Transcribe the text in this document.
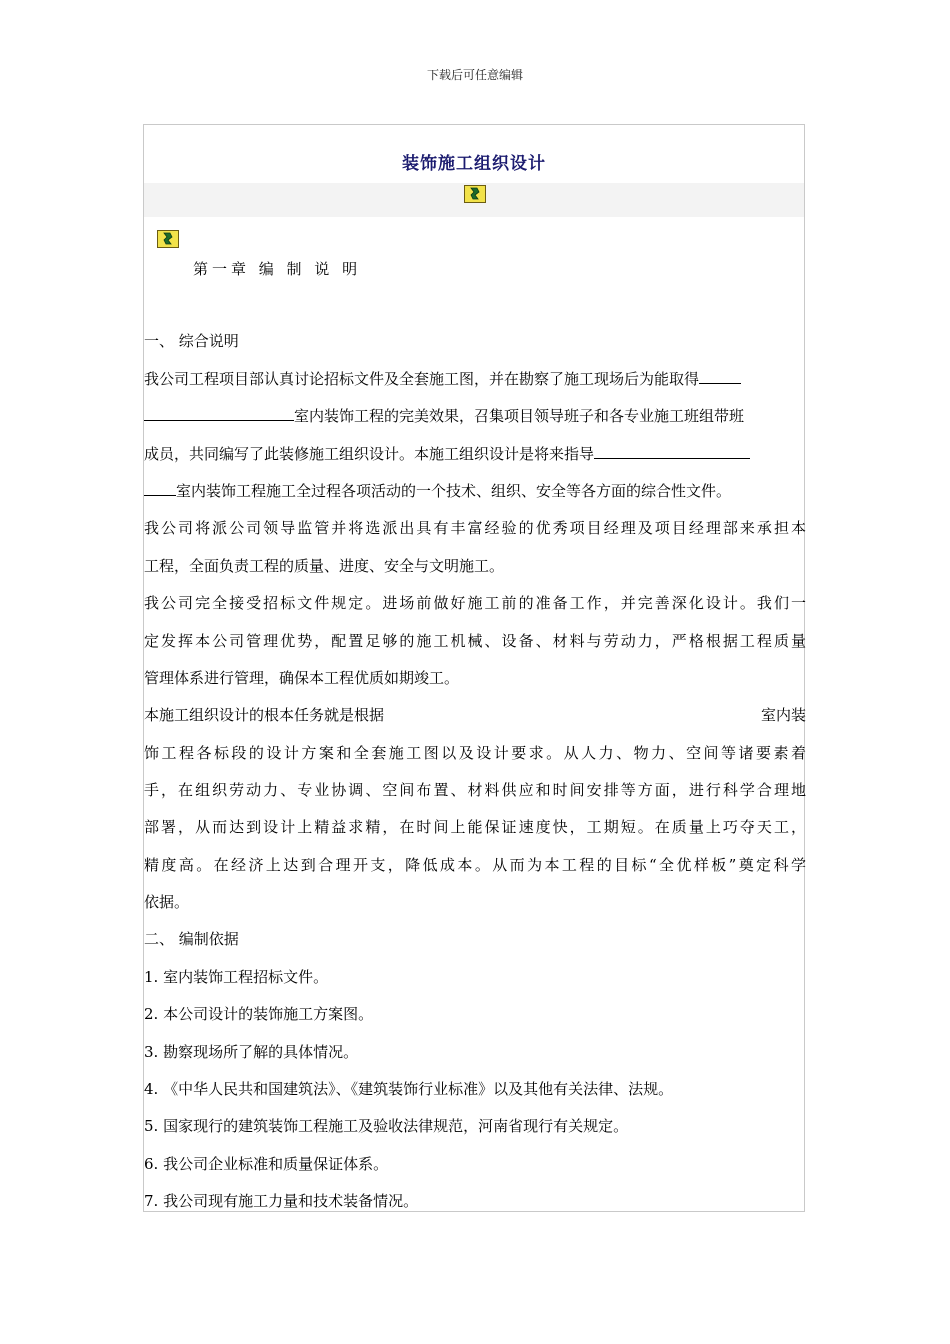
下载后可任意编辑
装饰施工组织设计
第一章 编 制 说 明
一、 综合说明
我公司工程项目部认真讨论招标文件及全套施工图，并在勘察了施工现场后为能取得
室内装饰工程的完美效果，召集项目领导班子和各专业施工班组带班
成员，共同编写了此装修施工组织设计。本施工组织设计是将来指导
室内装饰工程施工全过程各项活动的一个技术、组织、安全等各方面的综合性文件。
我公司将派公司领导监管并将选派出具有丰富经验的优秀项目经理及项目经理部来承担本
工程，全面负责工程的质量、进度、安全与文明施工。
我公司完全接受招标文件规定。进场前做好施工前的准备工作，并完善深化设计。我们一
定发挥本公司管理优势，配置足够的施工机械、设备、材料与劳动力，严格根据工程质量
管理体系进行管理，确保本工程优质如期竣工。
本施工组织设计的根本任务就是根据	室内装
饰工程各标段的设计方案和全套施工图以及设计要求。从人力、物力、空间等诸要素着
手，在组织劳动力、专业协调、空间布置、材料供应和时间安排等方面，进行科学合理地
部署，从而达到设计上精益求精，在时间上能保证速度快，工期短。在质量上巧夺天工，
精度高。在经济上达到合理开支，降低成本。从而为本工程的目标“全优样板”奠定科学
依据。
二、 编制依据
1. 室内装饰工程招标文件。
2. 本公司设计的装饰施工方案图。
3. 勘察现场所了解的具体情况。
4. 《中华人民共和国建筑法》、《建筑装饰行业标准》以及其他有关法律、法规。
5. 国家现行的建筑装饰工程施工及验收法律规范，河南省现行有关规定。
6. 我公司企业标准和质量保证体系。
7. 我公司现有施工力量和技术装备情况。
